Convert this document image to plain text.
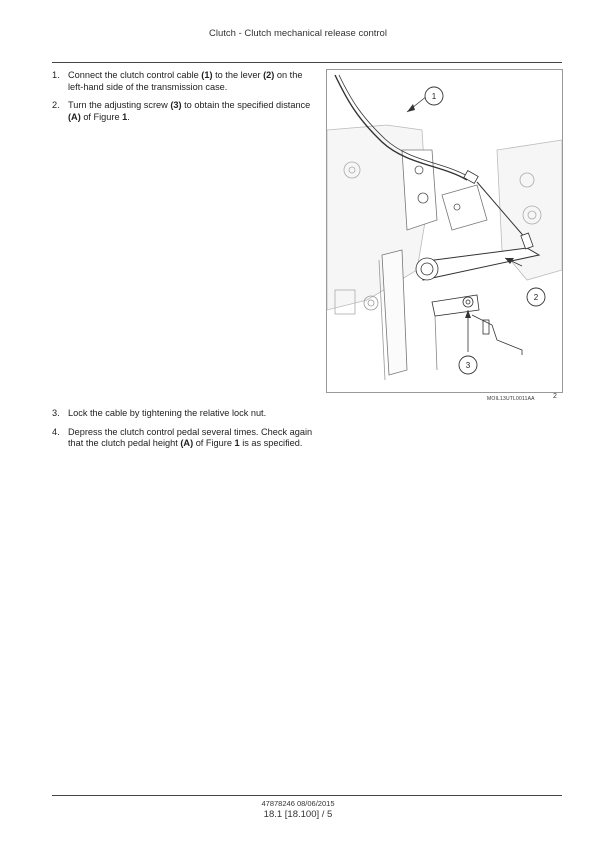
Clutch - Clutch mechanical release control
1. Connect the clutch control cable (1) to the lever (2) on the left-hand side of the transmission case.
2. Turn the adjusting screw (3) to obtain the specified distance (A) of Figure 1.
1
2
3
MOIL13UTL0011AA	2
3. Lock the cable by tightening the relative lock nut.
4. Depress the clutch control pedal several times. Check again that the clutch pedal height (A) of Figure 1 is as specified.
47878246 08/06/2015
18.1 [18.100] / 5
